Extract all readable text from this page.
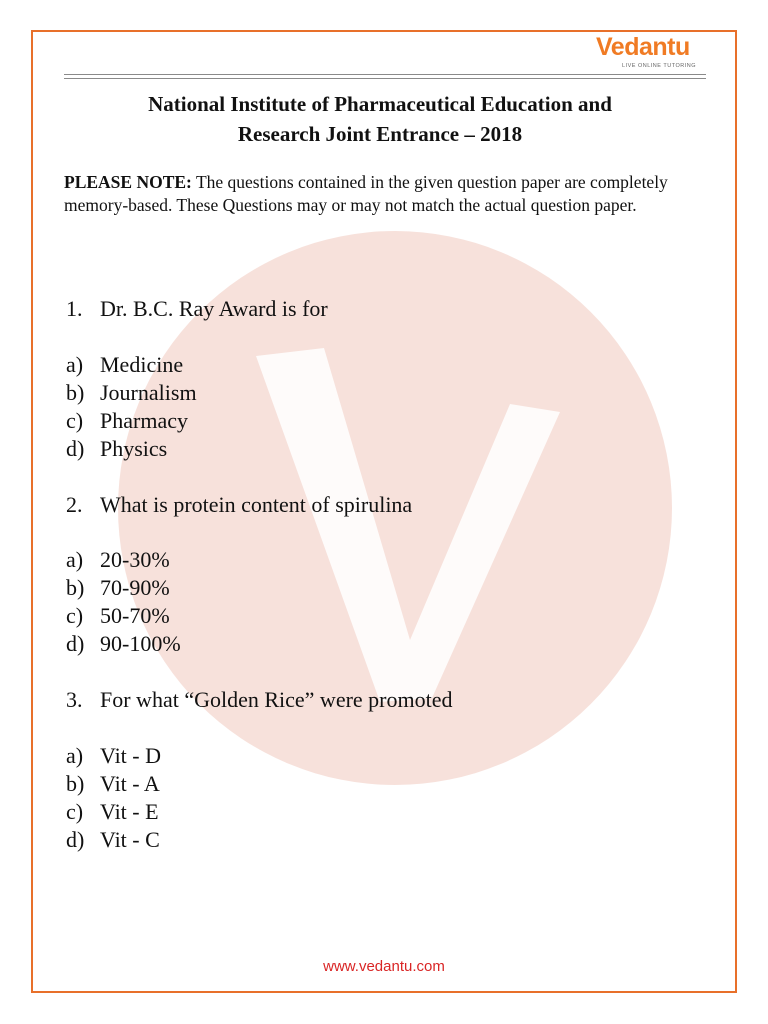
Vedantu
LIVE ONLINE TUTORING
National Institute of Pharmaceutical Education and
Research Joint Entrance – 2018
PLEASE NOTE: The questions contained in the given question paper are completely memory-based. These Questions may or may not match the actual question paper.
1. Dr. B.C. Ray Award is for
a) Medicine
b) Journalism
c) Pharmacy
d) Physics
2. What is protein content of spirulina
a) 20-30%
b) 70-90%
c) 50-70%
d) 90-100%
3. For what “Golden Rice” were promoted
a) Vit - D
b) Vit - A
c) Vit - E
d) Vit - C
www.vedantu.com
